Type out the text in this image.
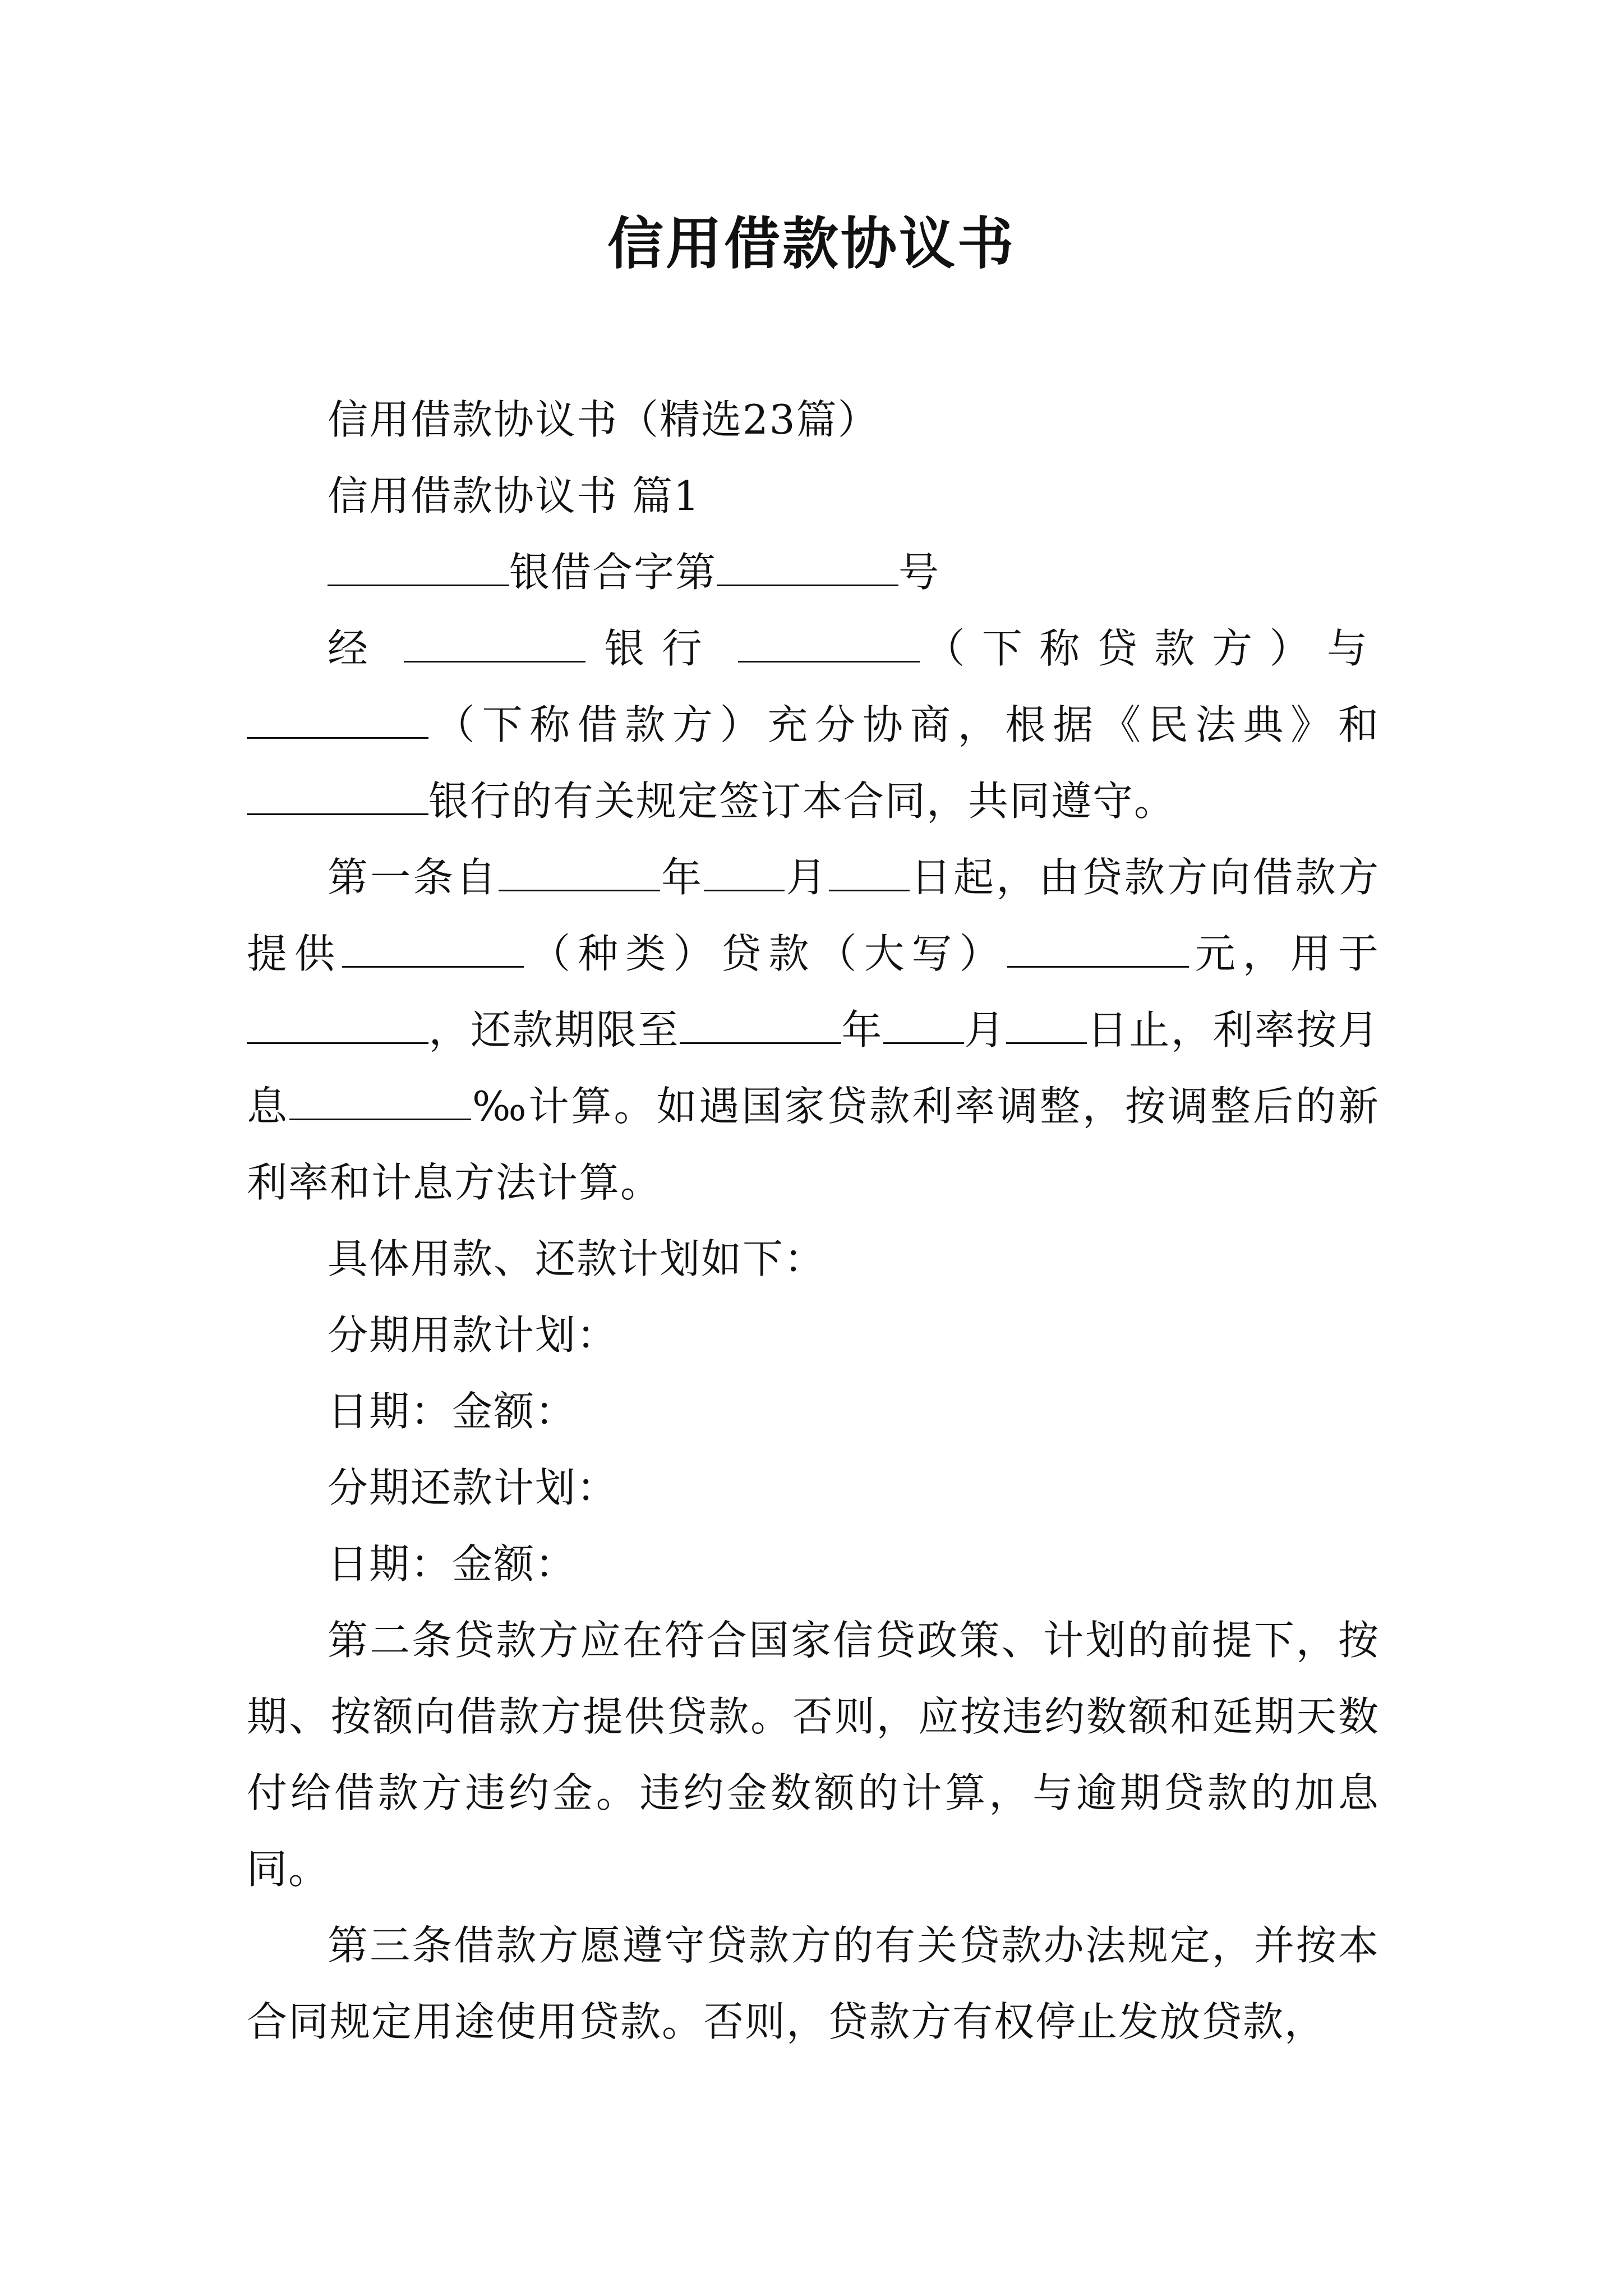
信用借款协议书

信用借款协议书（精选23篇）

信用借款协议书 篇1

银借合字第	号

经	银行	（下称贷款方）与（下称借款方）充分协商，根据《民法典》和银行的有关规定签订本合同，共同遵守。

第一条自	年 月 日起，由贷款方向借款方提供	（种类）贷款（大写）	元，用于，还款期限至	年 月 日止，利率按月息	‰计算。如遇国家贷款利率调整，按调整后的新利率和计息方法计算。

具体用款、还款计划如下：

分期用款计划：

日期：金额：

分期还款计划：

日期：金额：

第二条贷款方应在符合国家信贷政策、计划的前提下，按期、按额向借款方提供贷款。否则，应按违约数额和延期天数付给借款方违约金。违约金数额的计算，与逾期贷款的加息同。

第三条借款方愿遵守贷款方的有关贷款办法规定，并按本合同规定用途使用贷款。否则，贷款方有权停止发放贷款，
